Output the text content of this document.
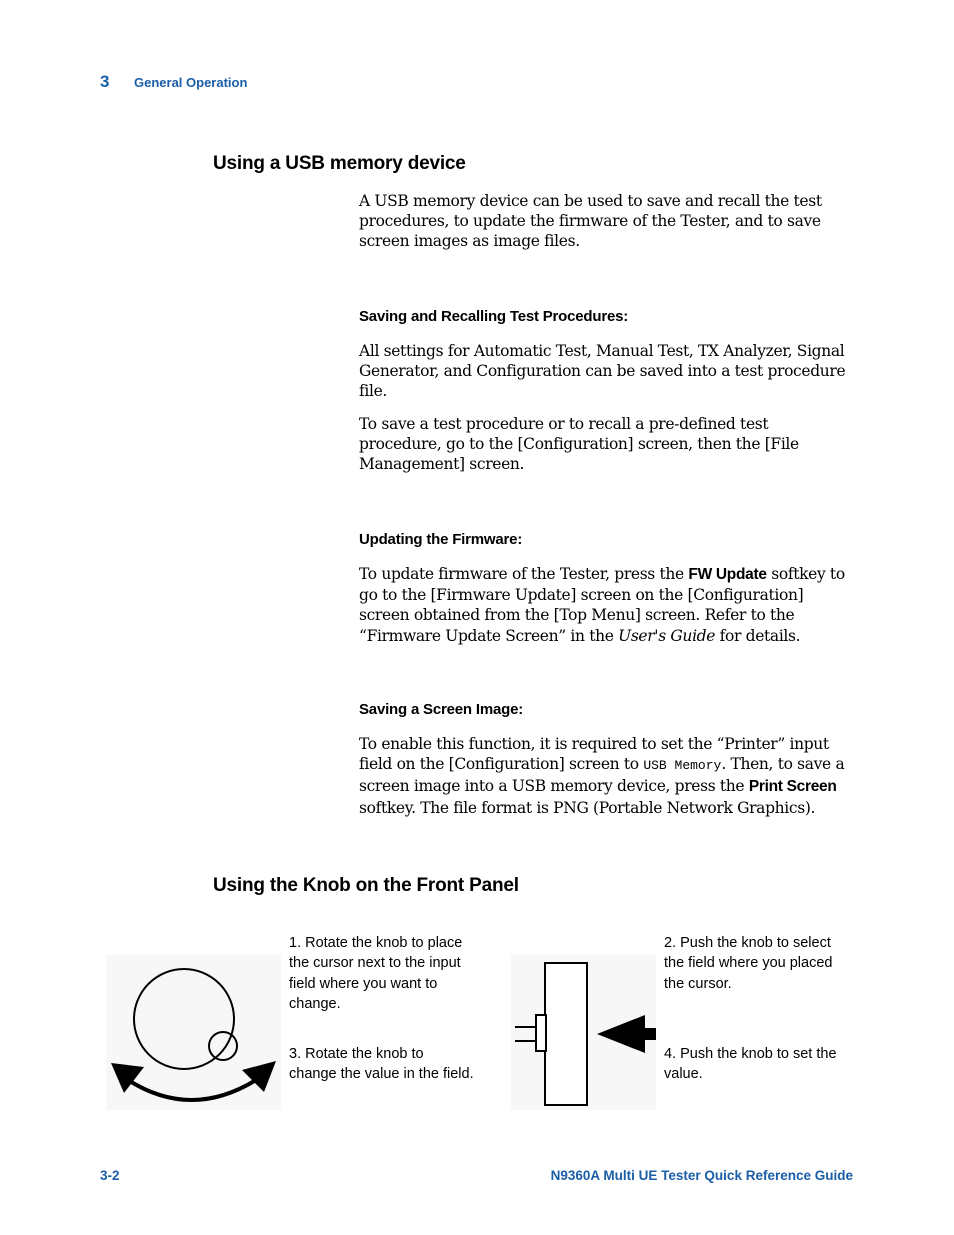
3 General Operation
Using a USB memory device
A USB memory device can be used to save and recall the test procedures, to update the firmware of the Tester, and to save screen images as image files.
Saving and Recalling Test Procedures:
All settings for Automatic Test, Manual Test, TX Analyzer, Signal Generator, and Configuration can be saved into a test procedure file.
To save a test procedure or to recall a pre-defined test procedure, go to the [Configuration] screen, then the [File Management] screen.
Updating the Firmware:
To update firmware of the Tester, press the FW Update softkey to go to the [Firmware Update] screen on the [Configuration] screen obtained from the [Top Menu] screen. Refer to the “Firmware Update Screen” in the User's Guide for details.
Saving a Screen Image:
To enable this function, it is required to set the “Printer” input field on the [Configuration] screen to USB Memory. Then, to save a screen image into a USB memory device, press the Print Screen softkey. The file format is PNG (Portable Network Graphics).
Using the Knob on the Front Panel
1. Rotate the knob to place the cursor next to the input field where you want to change.
3. Rotate the knob to change the value in the field.
2. Push the knob to select the field where you placed the cursor.
4. Push the knob to set the value.
3-2	N9360A Multi UE Tester Quick Reference Guide
